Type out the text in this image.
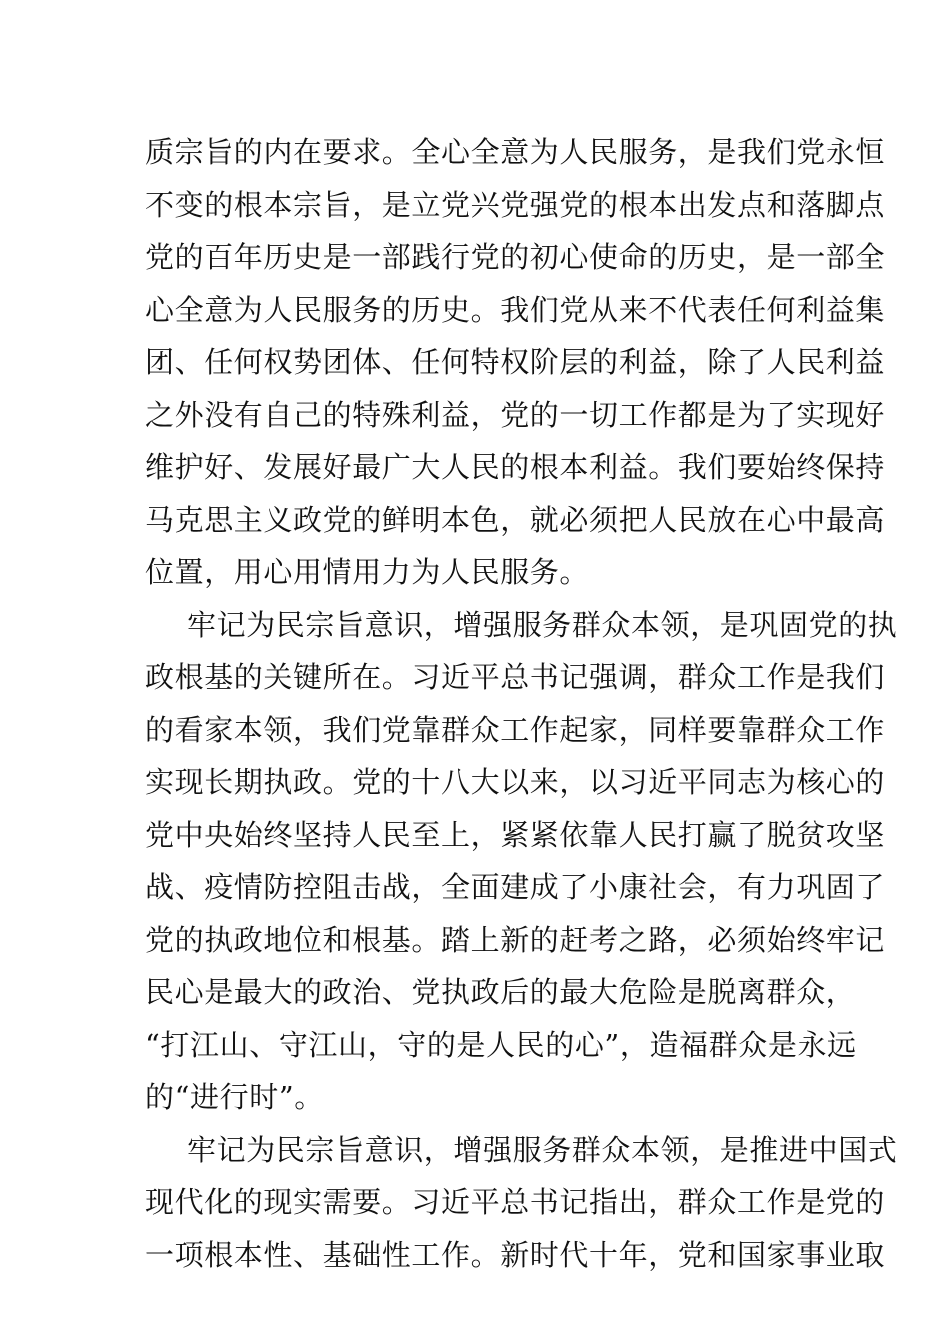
质宗旨的内在要求。全心全意为人民服务，是我们党永恒
不变的根本宗旨，是立党兴党强党的根本出发点和落脚点
党的百年历史是一部践行党的初心使命的历史，是一部全
心全意为人民服务的历史。我们党从来不代表任何利益集
团、任何权势团体、任何特权阶层的利益，除了人民利益
之外没有自己的特殊利益，党的一切工作都是为了实现好
维护好、发展好最广大人民的根本利益。我们要始终保持
马克思主义政党的鲜明本色，就必须把人民放在心中最高
位置，用心用情用力为人民服务。
牢记为民宗旨意识，增强服务群众本领，是巩固党的执
政根基的关键所在。习近平总书记强调，群众工作是我们
的看家本领，我们党靠群众工作起家，同样要靠群众工作
实现长期执政。党的十八大以来，以习近平同志为核心的
党中央始终坚持人民至上，紧紧依靠人民打赢了脱贫攻坚
战、疫情防控阻击战，全面建成了小康社会，有力巩固了
党的执政地位和根基。踏上新的赶考之路，必须始终牢记
民心是最大的政治、党执政后的最大危险是脱离群众，
“打江山、守江山，守的是人民的心”，造福群众是永远
的“进行时”。
牢记为民宗旨意识，增强服务群众本领，是推进中国式
现代化的现实需要。习近平总书记指出，群众工作是党的
一项根本性、基础性工作。新时代十年，党和国家事业取
